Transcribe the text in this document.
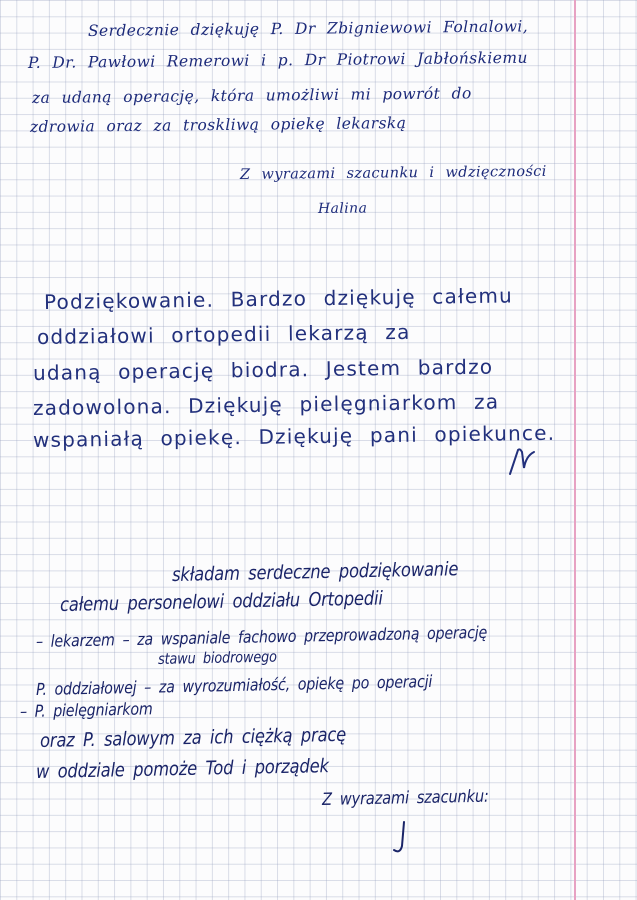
Serdecznie dziękuję P. Dr Zbigniewowi Folnalowi,
P. Dr. Pawłowi Remerowi i p. Dr Piotrowi Jabłońskiemu
za udaną operację, która umożliwi mi powrót do
zdrowia oraz za troskliwą opiekę lekarską
Z wyrazami szacunku i wdzięczności
Halina
Podziękowanie. Bardzo dziękuję całemu
oddziałowi ortopedii lekarzą za
udaną operację biodra. Jestem bardzo
zadowolona. Dziękuję pielęgniarkom za
wspaniałą opiekę. Dziękuję pani opiekunce.
składam serdeczne podziękowanie
całemu personelowi oddziału Ortopedii
– lekarzem – za wspaniale fachowo przeprowadzoną operację
stawu biodrowego
P. oddziałowej – za wyrozumiałość, opiekę po operacji
– P. pielęgniarkom
oraz P. salowym za ich ciężką pracę
w oddziale pomoże Tod i porządek
Z wyrazami szacunku:
